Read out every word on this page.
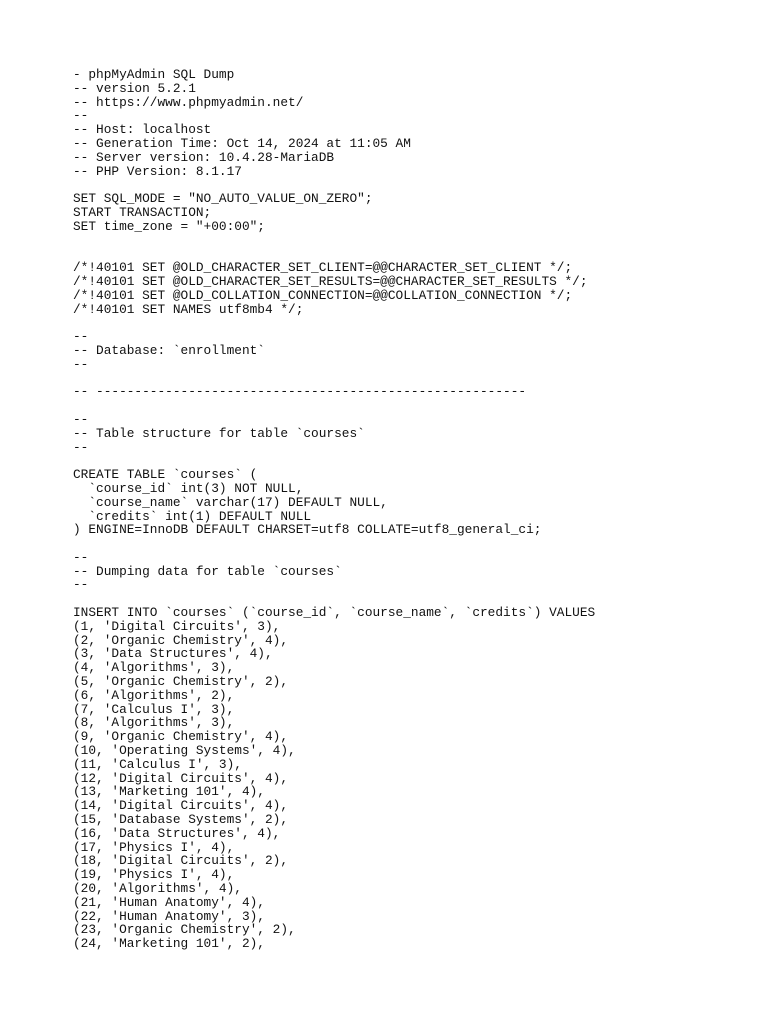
- phpMyAdmin SQL Dump
-- version 5.2.1
-- https://www.phpmyadmin.net/
--
-- Host: localhost
-- Generation Time: Oct 14, 2024 at 11:05 AM
-- Server version: 10.4.28-MariaDB
-- PHP Version: 8.1.17
SET SQL_MODE = "NO_AUTO_VALUE_ON_ZERO";
START TRANSACTION;
SET time_zone = "+00:00";
/*!40101 SET @OLD_CHARACTER_SET_CLIENT=@@CHARACTER_SET_CLIENT */;
/*!40101 SET @OLD_CHARACTER_SET_RESULTS=@@CHARACTER_SET_RESULTS */;
/*!40101 SET @OLD_COLLATION_CONNECTION=@@COLLATION_CONNECTION */;
/*!40101 SET NAMES utf8mb4 */;
--
-- Database: `enrollment`
--
-- --------------------------------------------------------
--
-- Table structure for table `courses`
--
CREATE TABLE `courses` (
`course_id` int(3) NOT NULL,
`course_name` varchar(17) DEFAULT NULL,
`credits` int(1) DEFAULT NULL
) ENGINE=InnoDB DEFAULT CHARSET=utf8 COLLATE=utf8_general_ci;
--
-- Dumping data for table `courses`
--
INSERT INTO `courses` (`course_id`, `course_name`, `credits`) VALUES
(1, 'Digital Circuits', 3),
(2, 'Organic Chemistry', 4),
(3, 'Data Structures', 4),
(4, 'Algorithms', 3),
(5, 'Organic Chemistry', 2),
(6, 'Algorithms', 2),
(7, 'Calculus I', 3),
(8, 'Algorithms', 3),
(9, 'Organic Chemistry', 4),
(10, 'Operating Systems', 4),
(11, 'Calculus I', 3),
(12, 'Digital Circuits', 4),
(13, 'Marketing 101', 4),
(14, 'Digital Circuits', 4),
(15, 'Database Systems', 2),
(16, 'Data Structures', 4),
(17, 'Physics I', 4),
(18, 'Digital Circuits', 2),
(19, 'Physics I', 4),
(20, 'Algorithms', 4),
(21, 'Human Anatomy', 4),
(22, 'Human Anatomy', 3),
(23, 'Organic Chemistry', 2),
(24, 'Marketing 101', 2),
